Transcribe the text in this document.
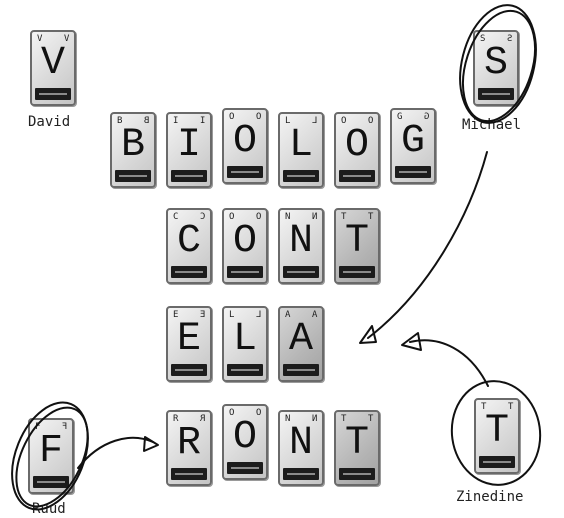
V V
V
David
S S
S
Michael
T T
T
Zinedine
F F
F
Ruud
B B
B
I I
I
O O
O	L L
L
O O
O
G G
G
C C
C
O O
O
N N
N
T T
T
E E
E
L L
L
A A
A
R R
R
O O
O	N N
N
T T
T
